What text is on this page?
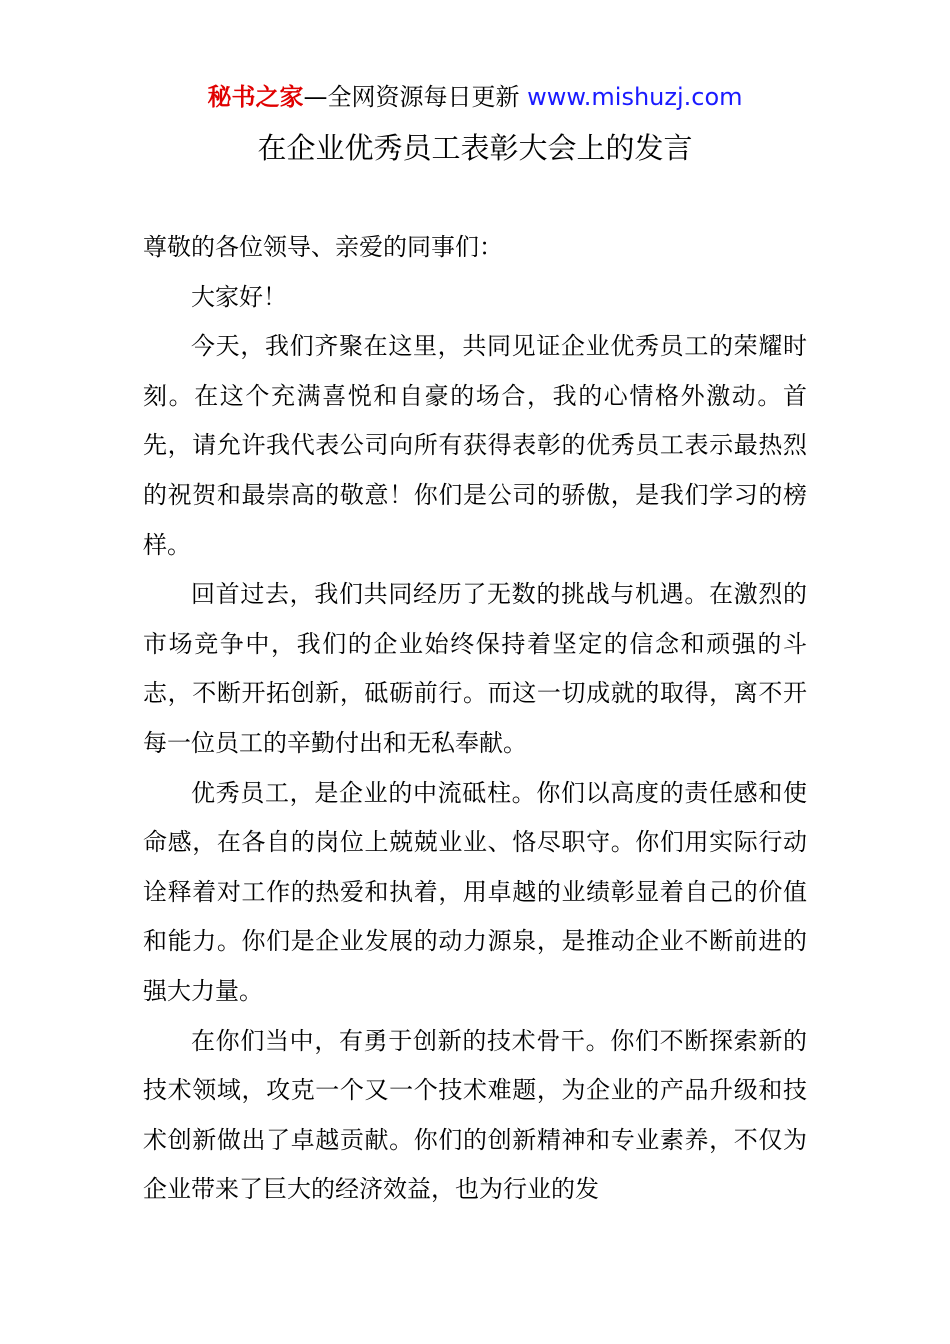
秘书之家—全网资源每日更新 www.mishuzj.com
在企业优秀员工表彰大会上的发言

尊敬的各位领导、亲爱的同事们：

大家好！

今天，我们齐聚在这里，共同见证企业优秀员工的荣耀时刻。在这个充满喜悦和自豪的场合，我的心情格外激动。首先，请允许我代表公司向所有获得表彰的优秀员工表示最热烈的祝贺和最崇高的敬意！你们是公司的骄傲，是我们学习的榜样。

回首过去，我们共同经历了无数的挑战与机遇。在激烈的市场竞争中，我们的企业始终保持着坚定的信念和顽强的斗志，不断开拓创新，砥砺前行。而这一切成就的取得，离不开每一位员工的辛勤付出和无私奉献。

优秀员工，是企业的中流砥柱。你们以高度的责任感和使命感，在各自的岗位上兢兢业业、恪尽职守。你们用实际行动诠释着对工作的热爱和执着，用卓越的业绩彰显着自己的价值和能力。你们是企业发展的动力源泉，是推动企业不断前进的强大力量。

在你们当中，有勇于创新的技术骨干。你们不断探索新的技术领域，攻克一个又一个技术难题，为企业的产品升级和技术创新做出了卓越贡献。你们的创新精神和专业素养，不仅为企业带来了巨大的经济效益，也为行业的发
